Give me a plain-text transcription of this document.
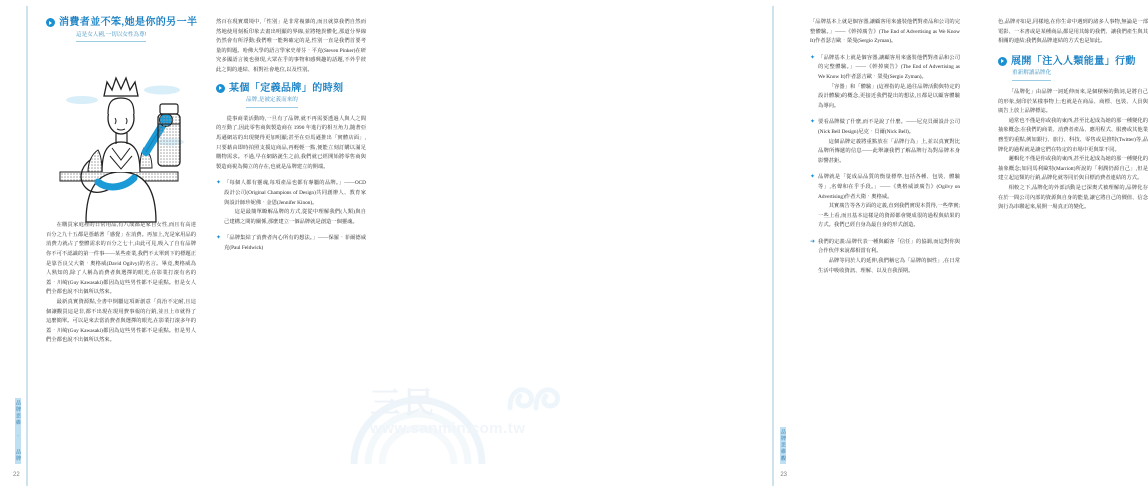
消費者並不笨,她是你的另一半
這是女人國,一切以女性為尊!

在購買家庭裡的日常用品,有八成都是家自女性,而且有高達百分之九十五都是憑藉著「感覺」在消費。再加上,光是家用品的消費力就占了整體需求的百分之七十,由此可見,吸入了自有品牌你不可不認識的第一件事——某些產業,我們不太單到下的標題正是靠吾良父大衛‧奧格威(David Ogilvy)的名言。畢竟,奧格威為人熟知的,除了人稱為消費者與選擇的眼光,在影業打滾有名的蓋‧川崎(Guy Kawasaki)都因為這些男性都不是重點。但是女人們全都也說不出個所以然來。

最新真實資源點,全書中倒屬這項新創意「真治不定耐,且這個讓觀買這是非,都不出現在現用費事報的行銷,並且上市就得了這麼簡單。可以是來去當消費者與選擇的眼光,在影業打滾多年的蓋‧川崎(Guy Kawasaki)都因為這些男性都不是重點。但是男人們全都也說不出個所以然來。

然百在現實環境中,「性別」是非常複雜的,而且就算我們自然而然地使用刻板印象去畫出明顯的界線,並將牠異體化,那道分界線仍然會有所浮動;我們唯一能夠確定的是,性別一直是我們首要考量的問題。哈佛大學的語言學家史蒂芬‧平克(Steven Pinker)在研究多國語言後也發現,大眾在乎的事物和感興趣的話題,不外乎彼此之間的連結、相對社會地位,以及性別。

某個「定義品牌」的時刻
品牌,是被定義而來的

從事商業活動時,一旦有了品牌,就不再需要透過人與人之間的互動了,因此零售商與製造商在 1990 年進行的相互角力,隨著亞馬遜網站的出現變得更加明顯;甚至在亞馬遜推出「實體店面」,只要藉由即時拍照支援這商品,再輕輕一點,便能立刻訂購以滿足購物需求。不過,早在網路誕生之前,我們就已經開始將零售商與製造商視為獨立的存在,也就是品牌建立的開端。

✦ 「每個人都有靈魂,每項產品也都有專屬的品牌。」——OCD 設計公司(Original Champions of Design)共同創辦人、教育家與設計師珍妮佛‧金恩(Jennifer Kinon)。

這是最簡單瞭解品牌的方式,從從中理解我們(人類)與自己建構之間的關係,那麼建立一個品牌就是創造一個靈魂。

✦ 「品牌集結了消費者內心所有的想法。」——保羅‧菲爾德威克(Paul Feldwick)

品牌思維 ‧ 品牌
22

「品牌基本上就是個容器,讓顧客用來盛裝他們對產品和公司的完整體驗。」——《幹掉廣告》(The End of Advertising as We Know It)作者瑟吉歐‧榮曼(Sergio Zyman)。

✦ 「品牌基本上就是個容器,讓顧客用來盛裝他們對產品和公司的完整體驗。」——《幹掉廣告》(The End of Advertising as We Know It)作者瑟吉歐‧榮曼(Sergio Zyman)。

「容器」和「體驗」(這裡指的是,過往品牌活動與特定的設計體驗)的概念,更接近我們提出的想法,且都是以顧客體驗為導向。

✦ 要看品牌做了什麼,而不是說了什麼。——尼克貝爾設計公司(Nick Bell Design)尼克‧貝爾(Nick Bell)。

這個品牌定義將重點放在「品牌行為」上,並以真實對比品牌所傳遞的信息——此舉讓我們了解品牌行為對品牌本身影響甚鉅。

✦ 品牌就是「從成品品質的衡量標準,包括各種、包裝、體驗等」,名聲和在乎手段。」——《奧格威談廣告》(Ogilvy on Advertising)作者大衛‧奧格威。

其實廣告等各方面的定義,直到我們實現本質得,一些準實;一些上看,而且基本這樣是的資源都會變成很的過程與結果的方式。我們已經自身為最自身的形式創造。

➜ 我們的定義:品牌代表一種與顧客「信任」的協調,而這對你與合作伙伴來說都相當有利。

品牌等同於人的延伸,我們稱它為「品牌的個性」,在日常生活中吸收資訊、理解、以及自我預期。

色,品牌亦如是,同樣地,在你生命中遇到的諸多人事物,無論是一部電影、一本書或是某種商品,都是用其餘的我們、讓我們產生與其相關的連結;我們與品牌連結的方式也是如此。

展開「注入人類能量」行動
重新解讀品牌化

「品牌化」由品牌一詞延伸而來,是個積極的動詞,是將自己的形象,刻印於某樣事物上;也就是在商品、商標、包裝、人員與廣告上放上品牌標誌。

通常也不僅是你或我的東西,甚至比起成為她的那一種變化的抽象概念;在我們的商業、消費者產品、應用程式、服務或其他業務型的重點,例如銀行、旅行、科技、零售或是推特(Twitter)等,品牌化的過程就是讓它們在特定的市場中更與眾不同。

邏輯化不僅是你或我的東西,甚至比起成為她的那一種變化的抽象概念;如同馬利歐特(Marriott)所說的「利潤仍源自己」,但是建立起這類的行銷,品牌化就等同於與目標消費者連結的方式。

相較之下,品牌化的外部活動是已深奧式被理解的,品牌化存在於一間公司內部的資源與自身的能量,讓它將自己的價值、信念與行為串聯起來,展開一場真正的變化。

品牌思維觀
23
三民
www.sanmin.com.tw
